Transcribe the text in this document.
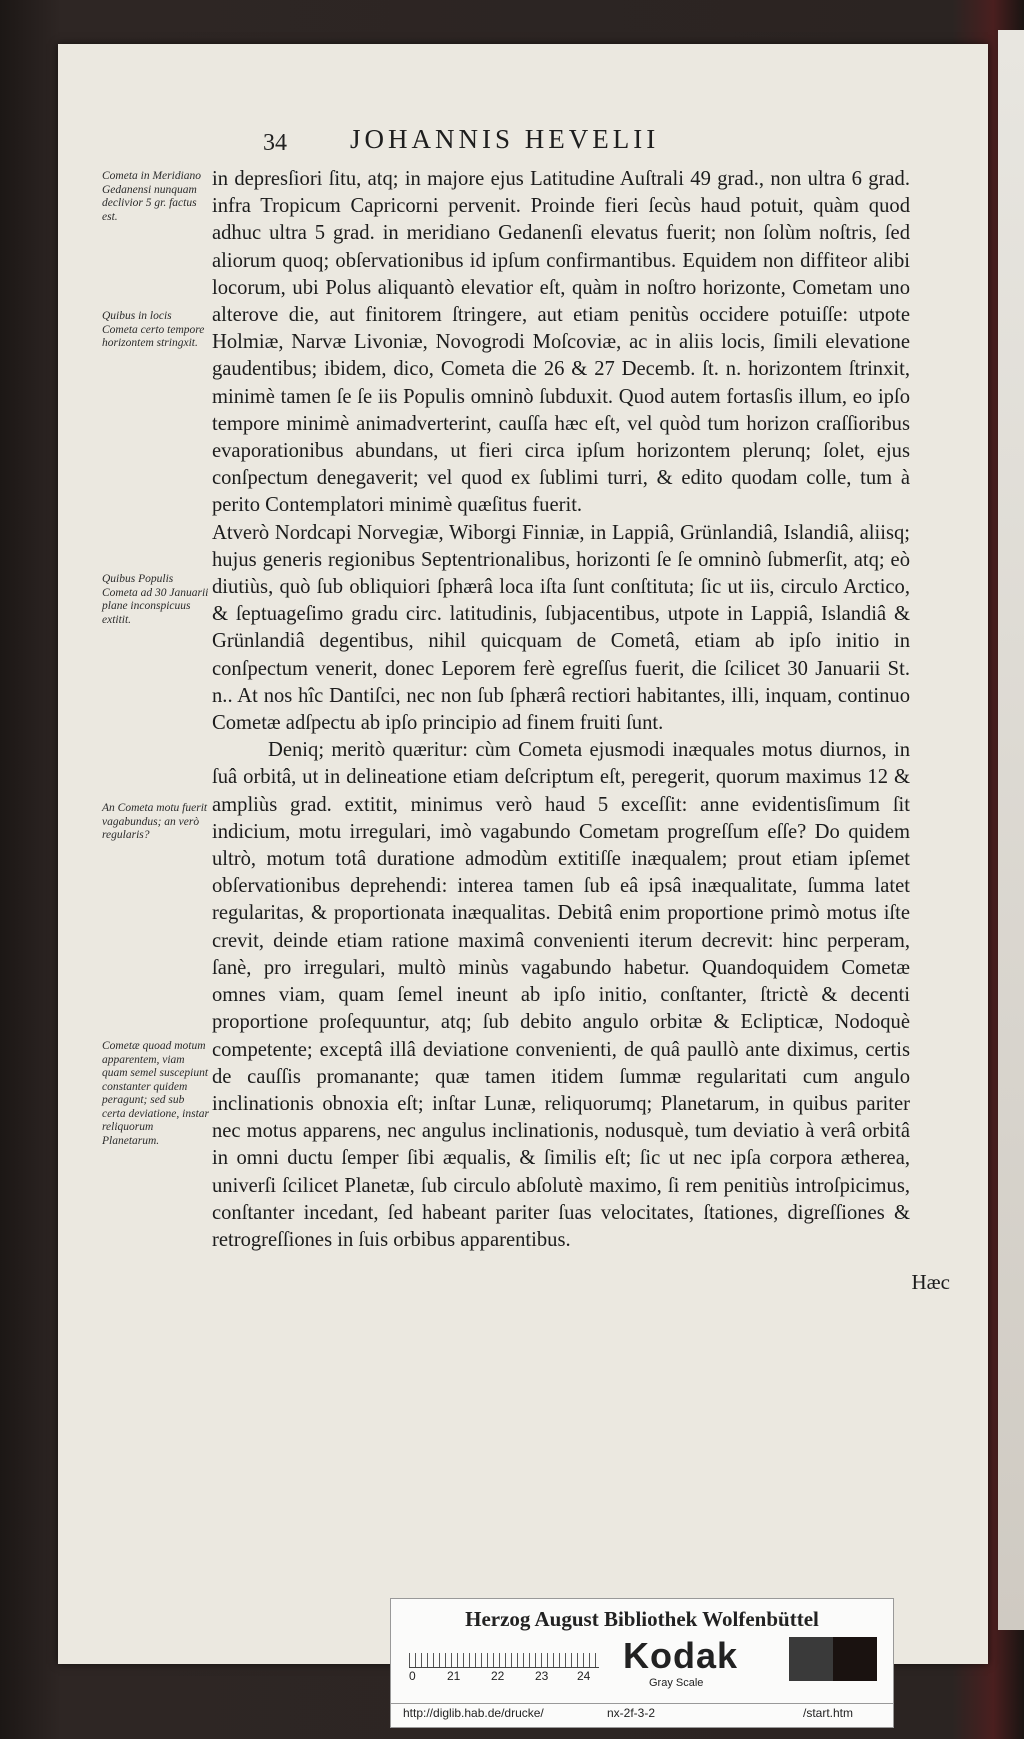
34 JOHANNIS HEVELII
Cometa in Meridiano Gedanensi nunquam declivior 5 gr. factus est.
Quibus in locis Cometa certo tempore horizontem stringxit.
Quibus Populis Cometa ad 30 Januarii plane inconspicuus extitit.
An Cometa motu fuerit vagabundus; an verò regularis?
Cometæ quoad motum apparentem, viam quam semel suscepiunt constanter quidem peragunt; sed sub certa deviatione, instar reliquorum Planetarum.

in depresſiori ſitu, atq; in majore ejus Latitudine Auſtrali 49 grad., non ultra 6 grad. infra Tropicum Capricorni pervenit. Proinde fieri ſecùs haud potuit, quàm quod adhuc ultra 5 grad. in meridiano Gedanenſi elevatus fuerit; non ſolùm noſtris, ſed aliorum quoq; obſervationibus id ipſum confirmantibus. Equidem non diffiteor alibi locorum, ubi Polus aliquantò elevatior eſt, quàm in noſtro horizonte, Cometam uno alterove die, aut finitorem ſtringere, aut etiam penitùs occidere potuiſſe: utpote Holmiæ, Narvæ Livoniæ, Novogrodi Moſcoviæ, ac in aliis locis, ſimili elevatione gaudentibus; ibidem, dico, Cometa die 26 & 27 Decemb. ſt. n. horizontem ſtrinxit, minimè tamen ſe ſe iis Populis omninò ſubduxit. Quod autem fortasſis illum, eo ipſo tempore minimè animadverterint, cauſſa hæc eſt, vel quòd tum horizon craſſioribus evaporationibus abundans, ut fieri circa ipſum horizontem plerunq; ſolet, ejus conſpectum denegaverit; vel quod ex ſublimi turri, & edito quodam colle, tum à perito Contemplatori minimè quæſitus fuerit.

Atverò Nordcapi Norvegiæ, Wiborgi Finniæ, in Lappiâ, Grünlandiâ, Islandiâ, aliisq; hujus generis regionibus Septentrionalibus, horizonti ſe ſe omninò ſubmerſit, atq; eò diutiùs, quò ſub obliquiori ſphærâ loca iſta ſunt conſtituta; ſic ut iis, circulo Arctico, & ſeptuageſimo gradu circ. latitudinis, ſubjacentibus, utpote in Lappiâ, Islandiâ & Grünlandiâ degentibus, nihil quicquam de Cometâ, etiam ab ipſo initio in conſpectum venerit, donec Leporem ferè egreſſus fuerit, die ſcilicet 30 Januarii St. n.. At nos hîc Dantiſci, nec non ſub ſphærâ rectiori habitantes, illi, inquam, continuo Cometæ adſpectu ab ipſo principio ad finem fruiti ſunt.

Deniq; meritò quæritur: cùm Cometa ejusmodi inæquales motus diurnos, in ſuâ orbitâ, ut in delineatione etiam deſcriptum eſt, peregerit, quorum maximus 12 & ampliùs grad. extitit, minimus verò haud 5 exceſſit: anne evidentisſimum ſit indicium, motu irregulari, imò vagabundo Cometam progreſſum eſſe? Do quidem ultrò, motum totâ duratione admodùm extitiſſe inæqualem; prout etiam ipſemet obſervationibus deprehendi: interea tamen ſub eâ ipsâ inæqualitate, ſumma latet regularitas, & proportionata inæqualitas. Debitâ enim proportione primò motus iſte crevit, deinde etiam ratione maximâ convenienti iterum decrevit: hinc perperam, ſanè, pro irregulari, multò minùs vagabundo habetur. Quandoquidem Cometæ omnes viam, quam ſemel ineunt ab ipſo initio, conſtanter, ſtrictè & decenti proportione proſequuntur, atq; ſub debito angulo orbitæ & Eclipticæ, Nodoquè competente; exceptâ illâ deviatione convenienti, de quâ paullò ante diximus, certis de cauſſis promanante; quæ tamen itidem ſummæ regularitati cum angulo inclinationis obnoxia eſt; inſtar Lunæ, reliquorumq; Planetarum, in quibus pariter nec motus apparens, nec angulus inclinationis, nodusquè, tum deviatio à verâ orbitâ in omni ductu ſemper ſibi æqualis, & ſimilis eſt; ſic ut nec ipſa corpora ætherea, univerſi ſcilicet Planetæ, ſub circulo abſolutè maximo, ſi rem penitiùs introſpicimus, conſtanter incedant, ſed habeant pariter ſuas velocitates, ſtationes, digreſſiones & retrogreſſiones in ſuis orbibus apparentibus.

Hæc
Herzog August Bibliothek Wolfenbüttel
0	21	22	23 24 Kodak
Gray Scale
http://diglib.hab.de/drucke/	nx-2f-3-2	/start.htm
